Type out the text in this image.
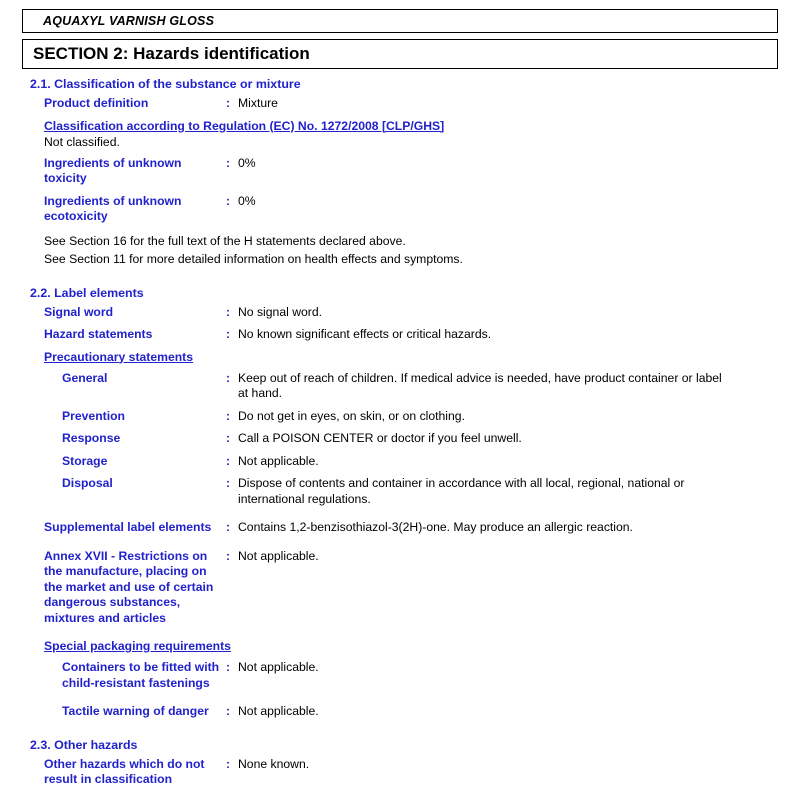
AQUAXYL VARNISH GLOSS
SECTION 2: Hazards identification
2.1. Classification of the substance or mixture
Product definition	: Mixture
Classification according to Regulation (EC) No. 1272/2008 [CLP/GHS]
Not classified.
Ingredients of unknown toxicity
: 0%
Ingredients of unknown ecotoxicity
: 0%
See Section 16 for the full text of the H statements declared above.
See Section 11 for more detailed information on health effects and symptoms.
2.2. Label elements
Signal word	: No signal word.
Hazard statements	: No known significant effects or critical hazards.
Precautionary statements
General	: Keep out of reach of children. If medical advice is needed, have product container or label at hand.
Prevention	: Do not get in eyes, on skin, or on clothing.
Response	: Call a POISON CENTER or doctor if you feel unwell.
Storage	: Not applicable.
Disposal	: Dispose of contents and container in accordance with all local, regional, national or international regulations.
Supplemental label elements	: Contains 1,2-benzisothiazol-3(2H)-one. May produce an allergic reaction.
Annex XVII - Restrictions on the manufacture, placing on the market and use of certain dangerous substances, mixtures and articles
: Not applicable.
Special packaging requirements
Containers to be fitted with child-resistant fastenings
: Not applicable.
Tactile warning of danger	: Not applicable.
2.3. Other hazards
Other hazards which do not result in classification
: None known.
